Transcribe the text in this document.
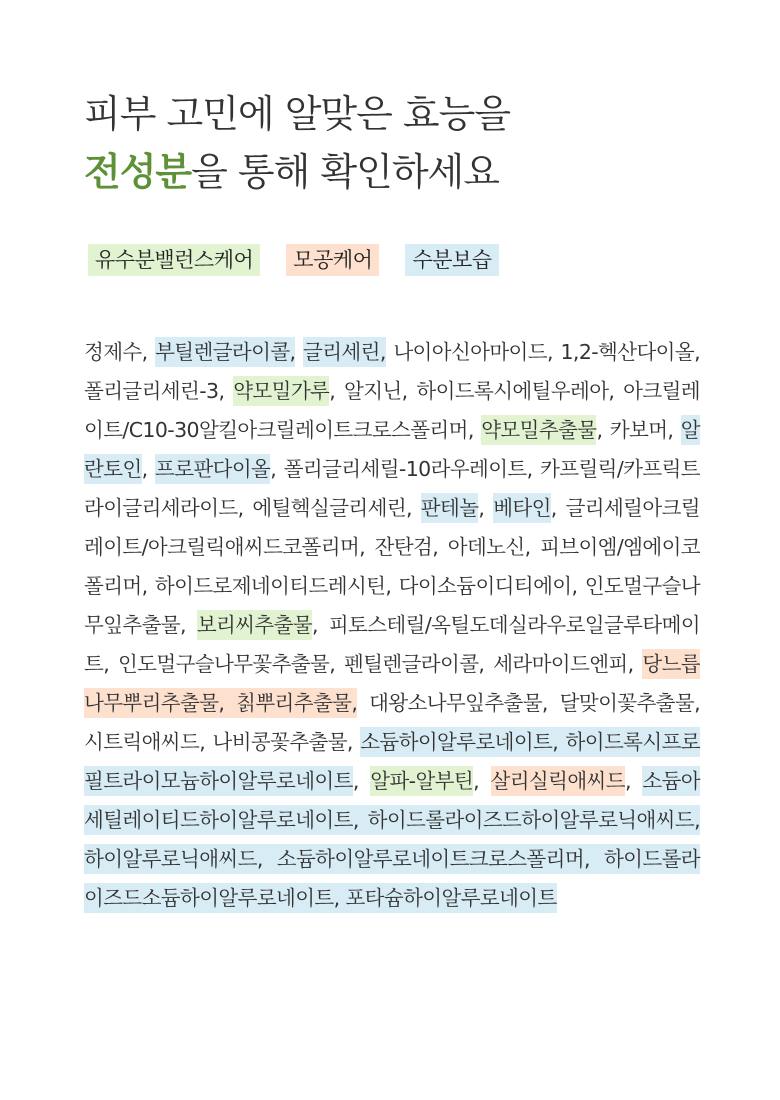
피부 고민에 알맞은 효능을
전성분을 통해 확인하세요
유수분밸런스케어	모공케어	수분보습

정제수, 부틸렌글라이콜, 글리세린, 나이아신아마이드, 1,2-헥산다이올, 폴리글리세린-3, 약모밀가루, 알지닌, 하이드록시에틸우레아, 아크릴레이트/C10-30알킬아크릴레이트크로스폴리머, 약모밀추출물, 카보머, 알란토인, 프로판다이올, 폴리글리세릴-10라우레이트, 카프릴릭/카프릭트라이글리세라이드, 에틸헥실글리세린, 판테놀, 베타인, 글리세릴아크릴레이트/아크릴릭애씨드코폴리머, 잔탄검, 아데노신, 피브이엠/엠에이코폴리머, 하이드로제네이티드레시틴, 다이소듐이디티에이, 인도멀구슬나무잎추출물, 보리씨추출물, 피토스테릴/옥틸도데실라우로일글루타메이트, 인도멀구슬나무꽃추출물, 펜틸렌글라이콜, 세라마이드엔피, 당느릅나무뿌리추출물, 칡뿌리추출물, 대왕소나무잎추출물, 달맞이꽃추출물, 시트릭애씨드, 나비콩꽃추출물, 소듐하이알루로네이트, 하이드록시프로필트라이모늄하이알루로네이트, 알파-알부틴, 살리실릭애씨드, 소듐아세틸레이티드하이알루로네이트, 하이드롤라이즈드하이알루로닉애씨드, 하이알루로닉애씨드, 소듐하이알루로네이트크로스폴리머, 하이드롤라이즈드소듐하이알루로네이트, 포타슘하이알루로네이트
